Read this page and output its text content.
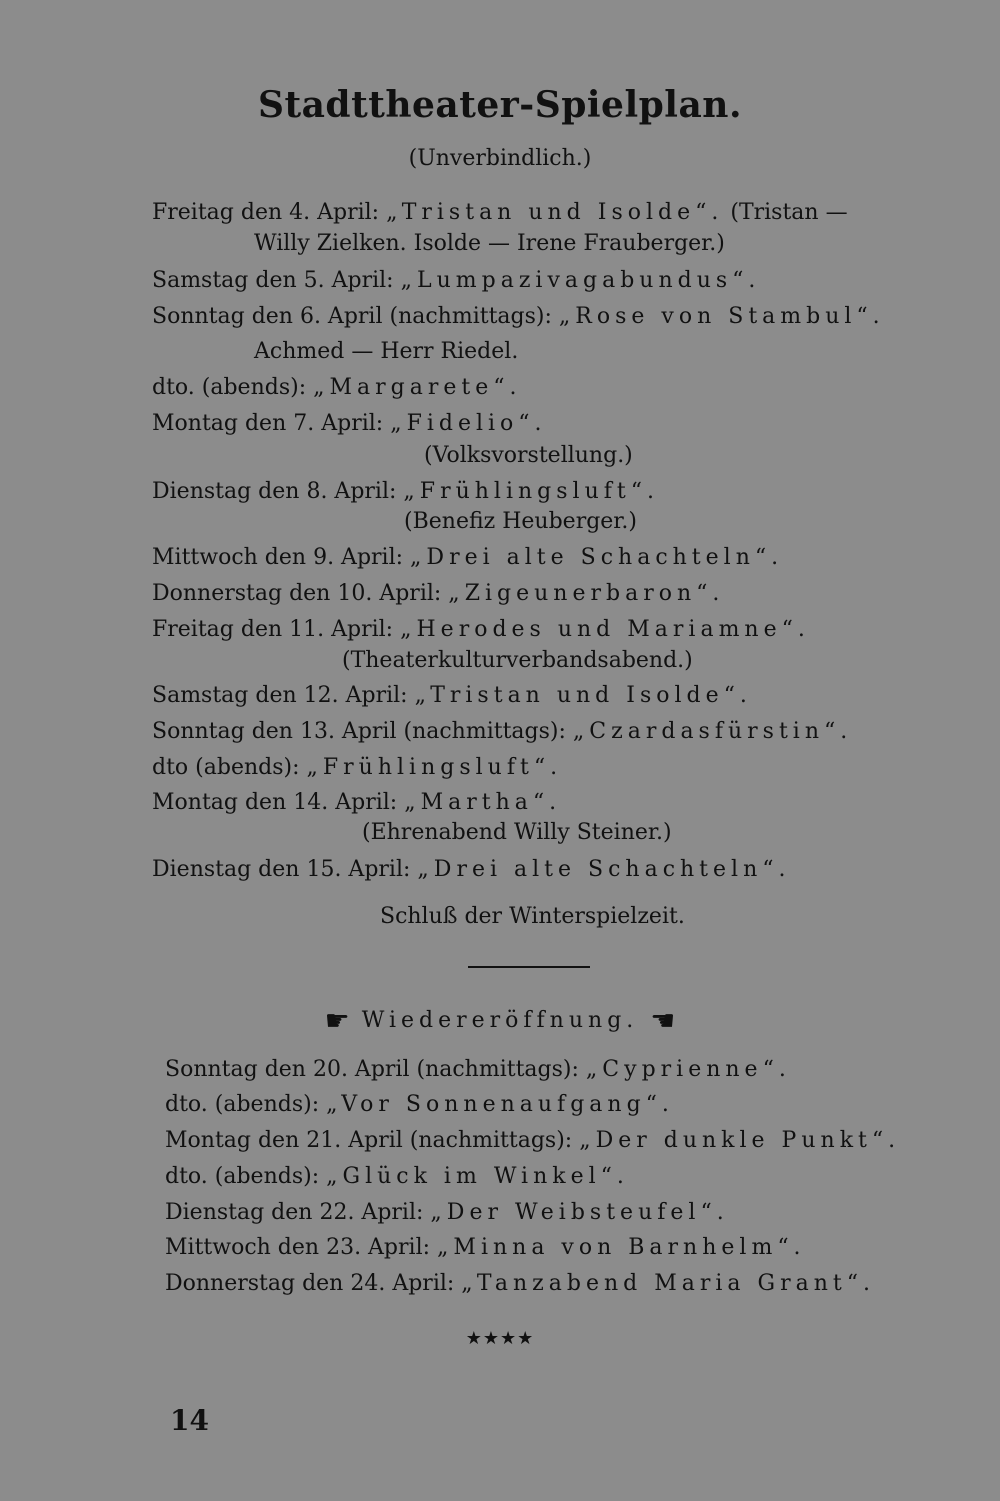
Stadttheater-Spielplan.
(Unverbindlich.)
Freitag den 4. April: „Tristan und Isolde“. (Tristan —
Willy Zielken. Isolde — Irene Frauberger.)
Samstag den 5. April: „Lumpazivagabundus“.
Sonntag den 6. April (nachmittags): „Rose von Stambul“.
Achmed — Herr Riedel.
dto. (abends): „Margarete“.
Montag den 7. April: „Fidelio“.
(Volksvorstellung.)
Dienstag den 8. April: „Frühlingsluft“.
(Benefiz Heuberger.)
Mittwoch den 9. April: „Drei alte Schachteln“.
Donnerstag den 10. April: „Zigeunerbaron“.
Freitag den 11. April: „Herodes und Mariamne“.
(Theaterkulturverbandsabend.)
Samstag den 12. April: „Tristan und Isolde“.
Sonntag den 13. April (nachmittags): „Czardasfürstin“.
dto (abends): „Frühlingsluft“.
Montag den 14. April: „Martha“.
(Ehrenabend Willy Steiner.)
Dienstag den 15. April: „Drei alte Schachteln“.
Schluß der Winterspielzeit.
☛ Wiedereröffnung. ☚
Sonntag den 20. April (nachmittags): „Cyprienne“.
dto. (abends): „Vor Sonnenaufgang“.
Montag den 21. April (nachmittags): „Der dunkle Punkt“.
dto. (abends): „Glück im Winkel“.
Dienstag den 22. April: „Der Weibsteufel“.
Mittwoch den 23. April: „Minna von Barnhelm“.
Donnerstag den 24. April: „Tanzabend Maria Grant“.
★★★★
14
